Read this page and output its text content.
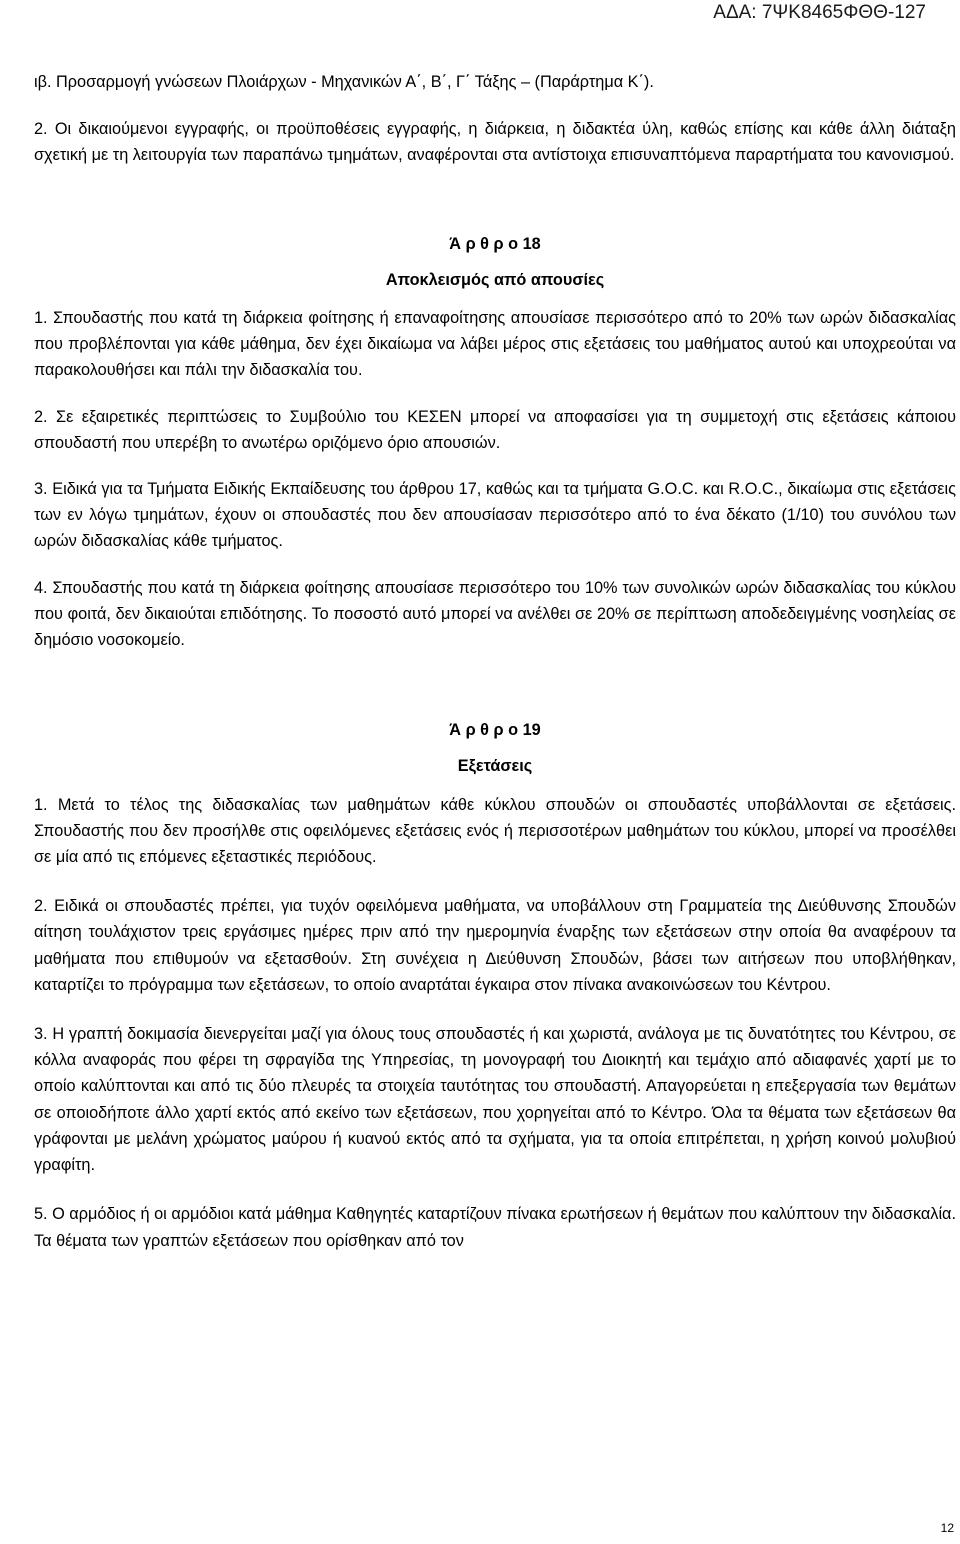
ΑΔΑ: 7ΨΚ8465ΦΘΘ-127

ιβ. Προσαρμογή γνώσεων Πλοιάρχων - Μηχανικών Α΄, Β΄, Γ΄ Τάξης – (Παράρτημα Κ΄).

2. Οι δικαιούμενοι εγγραφής, οι προϋποθέσεις εγγραφής, η διάρκεια, η διδακτέα ύλη, καθώς επίσης και κάθε άλλη διάταξη σχετική με τη λειτουργία των παραπάνω τμημάτων, αναφέρονται στα αντίστοιχα επισυναπτόμενα παραρτήματα του κανονισμού.

Ά ρ θ ρ ο 18
Αποκλεισμός από απουσίες

1. Σπουδαστής που κατά τη διάρκεια φοίτησης ή επαναφοίτησης απουσίασε περισσότερο από το 20% των ωρών διδασκαλίας που προβλέπονται για κάθε μάθημα, δεν έχει δικαίωμα να λάβει μέρος στις εξετάσεις του μαθήματος αυτού και υποχρεούται να παρακολουθήσει και πάλι την διδασκαλία του.

2. Σε εξαιρετικές περιπτώσεις το Συμβούλιο του ΚΕΣΕΝ μπορεί να αποφασίσει για τη συμμετοχή στις εξετάσεις κάποιου σπουδαστή που υπερέβη το ανωτέρω οριζόμενο όριο απουσιών.

3. Ειδικά για τα Τμήματα Ειδικής Εκπαίδευσης του άρθρου 17, καθώς και τα τμήματα G.O.C. και R.O.C., δικαίωμα στις εξετάσεις των εν λόγω τμημάτων, έχουν οι σπουδαστές που δεν απουσίασαν περισσότερο από το ένα δέκατο (1/10) του συνόλου των ωρών διδασκαλίας κάθε τμήματος.

4. Σπουδαστής που κατά τη διάρκεια φοίτησης απουσίασε περισσότερο του 10% των συνολικών ωρών διδασκαλίας του κύκλου που φοιτά, δεν δικαιούται επιδότησης. Το ποσοστό αυτό μπορεί να ανέλθει σε 20% σε περίπτωση αποδεδειγμένης νοσηλείας σε δημόσιο νοσοκομείο.

Ά ρ θ ρ ο 19
Εξετάσεις

1. Μετά το τέλος της διδασκαλίας των μαθημάτων κάθε κύκλου σπουδών οι σπουδαστές υποβάλλονται σε εξετάσεις. Σπουδαστής που δεν προσήλθε στις οφειλόμενες εξετάσεις ενός ή περισσοτέρων μαθημάτων του κύκλου, μπορεί να προσέλθει σε μία από τις επόμενες εξεταστικές περιόδους.

2. Ειδικά οι σπουδαστές πρέπει, για τυχόν οφειλόμενα μαθήματα, να υποβάλλουν στη Γραμματεία της Διεύθυνσης Σπουδών αίτηση τουλάχιστον τρεις εργάσιμες ημέρες πριν από την ημερομηνία έναρξης των εξετάσεων στην οποία θα αναφέρουν τα μαθήματα που επιθυμούν να εξετασθούν. Στη συνέχεια η Διεύθυνση Σπουδών, βάσει των αιτήσεων που υποβλήθηκαν, καταρτίζει το πρόγραμμα των εξετάσεων, το οποίο αναρτάται έγκαιρα στον πίνακα ανακοινώσεων του Κέντρου.

3. Η γραπτή δοκιμασία διενεργείται μαζί για όλους τους σπουδαστές ή και χωριστά, ανάλογα με τις δυνατότητες του Κέντρου, σε κόλλα αναφοράς που φέρει τη σφραγίδα της Υπηρεσίας, τη μονογραφή του Διοικητή και τεμάχιο από αδιαφανές χαρτί με το οποίο καλύπτονται και από τις δύο πλευρές τα στοιχεία ταυτότητας του σπουδαστή. Απαγορεύεται η επεξεργασία των θεμάτων σε οποιοδήποτε άλλο χαρτί εκτός από εκείνο των εξετάσεων, που χορηγείται από το Κέντρο. Όλα τα θέματα των εξετάσεων θα γράφονται με μελάνη χρώματος μαύρου ή κυανού εκτός από τα σχήματα, για τα οποία επιτρέπεται, η χρήση κοινού μολυβιού γραφίτη.

5. Ο αρμόδιος ή οι αρμόδιοι κατά μάθημα Καθηγητές καταρτίζουν πίνακα ερωτήσεων ή θεμάτων που καλύπτουν την διδασκαλία. Τα θέματα των γραπτών εξετάσεων που ορίσθηκαν από τον

12
